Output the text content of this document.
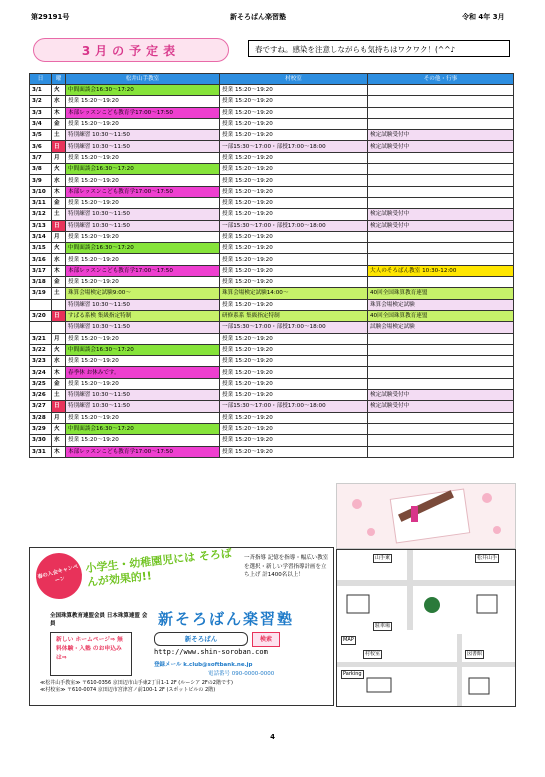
第29191号	新そろばん楽習塾	令和 4年 3月
3月の予定表	春ですね。感染を注意しながらも気持ちはワクワク！(^^♪
日	曜	松井山手教室	村校室	その他・行事
3/1	火	中間面談会16:30～17:20	授業 15:20～19:20	
3/2	水	授業 15:20～19:20	授業 15:20～19:20	
3/3	木	本部レッスンこども教育学17:00～17:50	授業 15:20～19:20	
3/4	金	授業 15:20～19:20	授業 15:20～19:20	
3/5	土	特別練習 10:30～11:50	授業 15:20～19:20	検定試験受付中
3/6	日	特別練習 10:30～11:50	一部15:30～17:00・部授17:00～18:00	検定試験受付中
3/7	月	授業 15:20～19:20	授業 15:20～19:20	
3/8	火	中間面談会16:30～17:20	授業 15:20～19:20	
3/9	水	授業 15:20～19:20	授業 15:20～19:20	
3/10	木	本部レッスンこども教育学17:00～17:50	授業 15:20～19:20	
3/11	金	授業 15:20～19:20	授業 15:20～19:20	
3/12	土	特別練習 10:30～11:50	授業 15:20～19:20	検定試験受付中
3/13	日	特別練習 10:30～11:50	一部15:30～17:00・部授17:00～18:00	検定試験受付中
3/14	月	授業 15:20～19:20	授業 15:20～19:20	
3/15	火	中間面談会16:30～17:20	授業 15:20～19:20	
3/16	水	授業 15:20～19:20	授業 15:20～19:20	
3/17	木	本部レッスンこども教育学17:00～17:50	授業 15:20～19:20	大人のそろばん教室 10:30-12:00
3/18	金	授業 15:20～19:20	授業 15:20～19:20	
3/19	土	珠算会場検定試験9:00～	珠算会場検定試験14:00～	40回全国珠算教育連盟
		特別練習 10:30～11:50	授業 15:20～19:20	珠算会場検定試験
3/20	日	すぱる系検 集級指定特制	研修系系 集級指定特制	40回全国珠算教育連盟
		特別練習 10:30～11:50	一部15:30～17:00・部授17:00～18:00	試験会場検定試験
3/21	月	授業 15:20～19:20	授業 15:20～19:20	
3/22	火	中間面談会16:30～17:20	授業 15:20～19:20	
3/23	水	授業 15:20～19:20	授業 15:20～19:20	
3/24	木	春季休 お休みです。	授業 15:20～19:20	
3/25	金	授業 15:20～19:20	授業 15:20～19:20	
3/26	土	特別練習 10:30～11:50	授業 15:20～19:20	検定試験受付中
3/27	日	特別練習 10:30～11:50	一部15:30～17:00・部授17:00～18:00	検定試験受付中
3/28	月	授業 15:20～19:20	授業 15:20～19:20	
3/29	火	中間面談会16:30～17:20	授業 15:20～19:20	
3/30	水	授業 15:20～19:20	授業 15:20～19:20	
3/31	木	本部レッスンこども教育学17:00～17:50	授業 15:20～19:20	
春の入会キャンペーン
小学生・幼稚園児には そろばんが効果的!!
一斉指導 記憶を指導・幅広い教室を選択・新しい学習指導計画を立ち上げ 計1400名以上！
全国珠算教育連盟会員 日本珠算連盟 会員	新そろばん楽習塾
新しい ホームページ⇒ 無料体験・入塾 のお申込みは⇒
新そろばん	検索
http://www.shin-soroban.com
登録メール k.club@softbank.ne.jp
電話番号 090-0000-0000
≪松井山手教室≫ 〒610-0356 京田辺市山手東2丁目1-1 2F (ルーシア 2Fの2階です)
≪村校室≫ 〒610-0074 京田辺市宮津宮ノ前100-1 2F (スポットビルの 2階)
松井山手
山手東
駐車場
MAP
Parking
村校室	図書館
4
